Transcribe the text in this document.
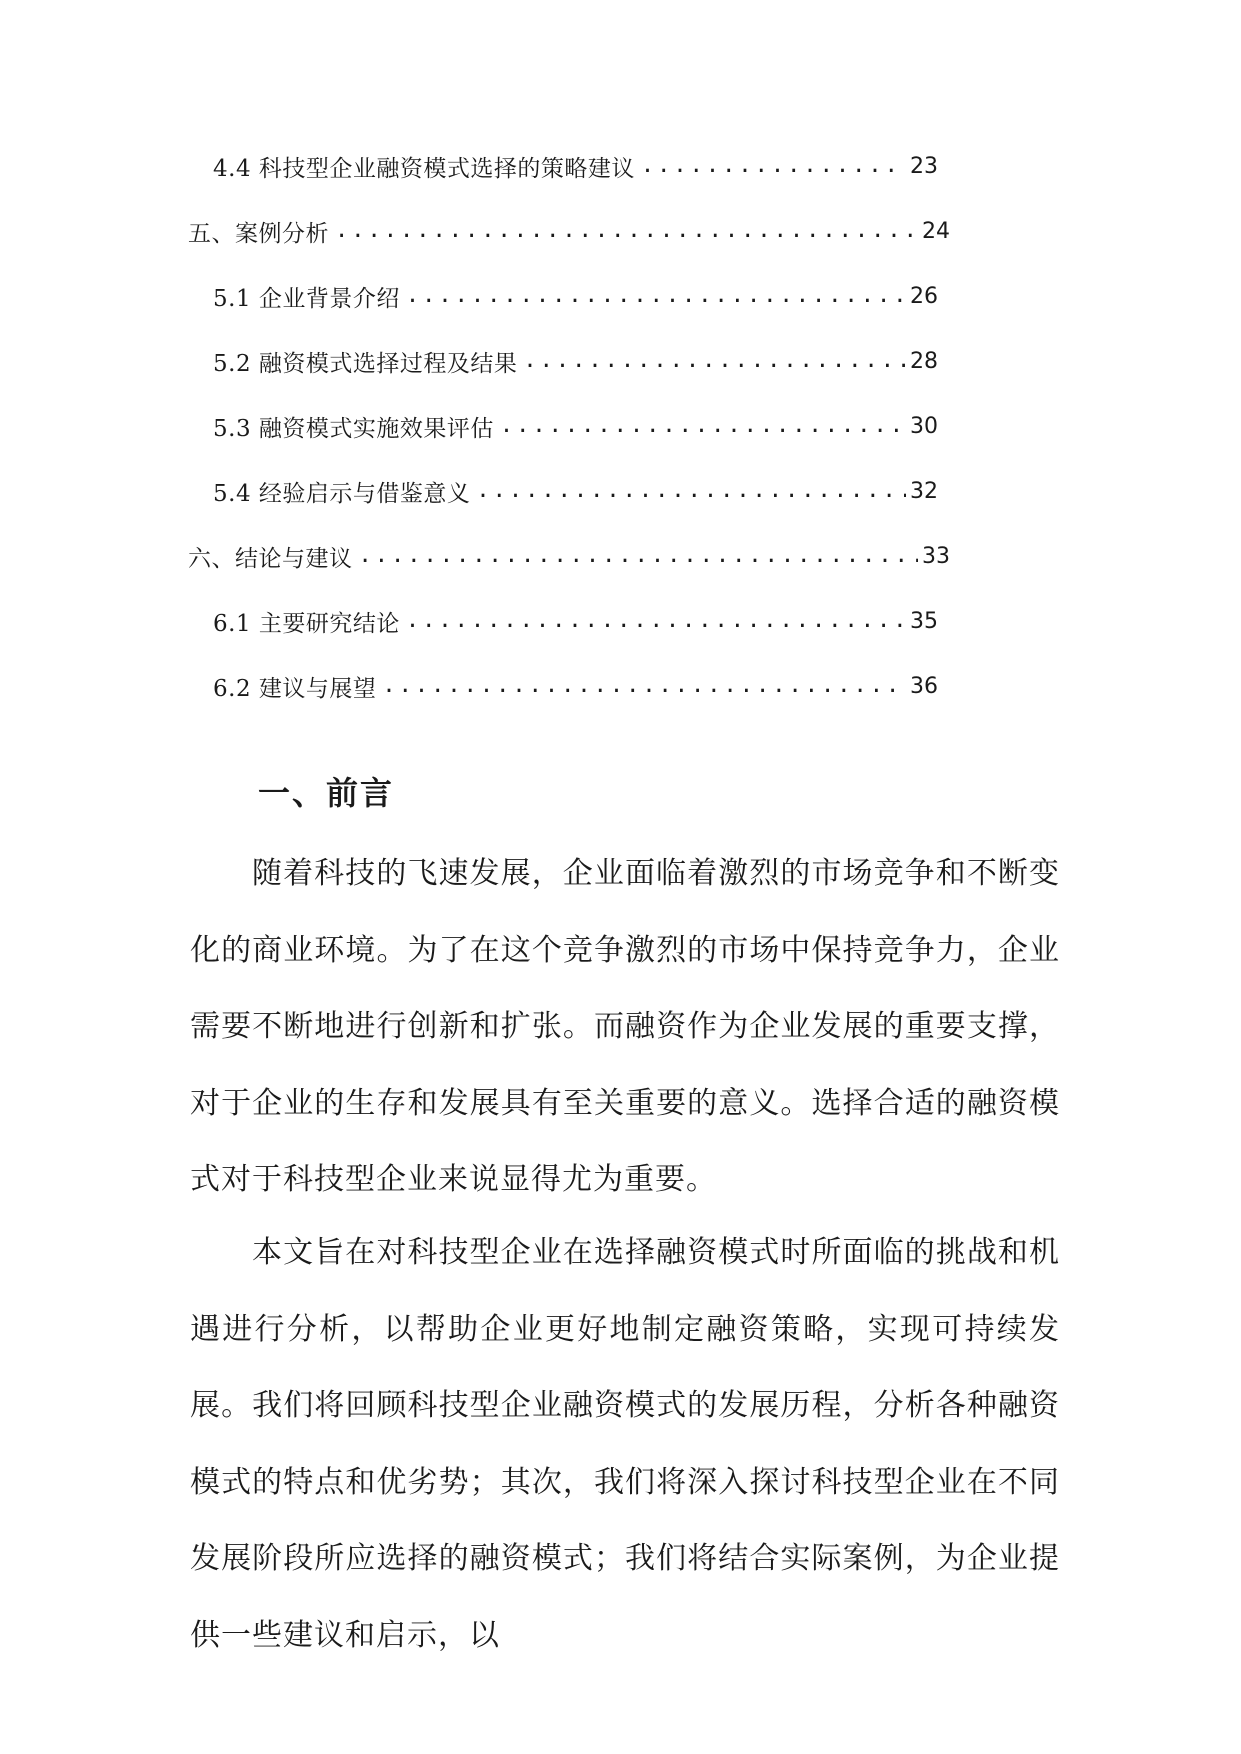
4.4 科技型企业融资模式选择的策略建议 .....	23
五、案例分析 .....	24
5.1 企业背景介绍 .....	26
5.2 融资模式选择过程及结果 .....	28
5.3 融资模式实施效果评估 .....	30
5.4 经验启示与借鉴意义 .....	32
六、结论与建议 .....	33
6.1 主要研究结论 .....	35
6.2 建议与展望 .....	36
一、前言

随着科技的飞速发展，企业面临着激烈的市场竞争和不断变化的商业环境。为了在这个竞争激烈的市场中保持竞争力，企业需要不断地进行创新和扩张。而融资作为企业发展的重要支撑，对于企业的生存和发展具有至关重要的意义。选择合适的融资模式对于科技型企业来说显得尤为重要。

本文旨在对科技型企业在选择融资模式时所面临的挑战和机遇进行分析，以帮助企业更好地制定融资策略，实现可持续发展。我们将回顾科技型企业融资模式的发展历程，分析各种融资模式的特点和优劣势；其次，我们将深入探讨科技型企业在不同发展阶段所应选择的融资模式；我们将结合实际案例，为企业提供一些建议和启示，以
